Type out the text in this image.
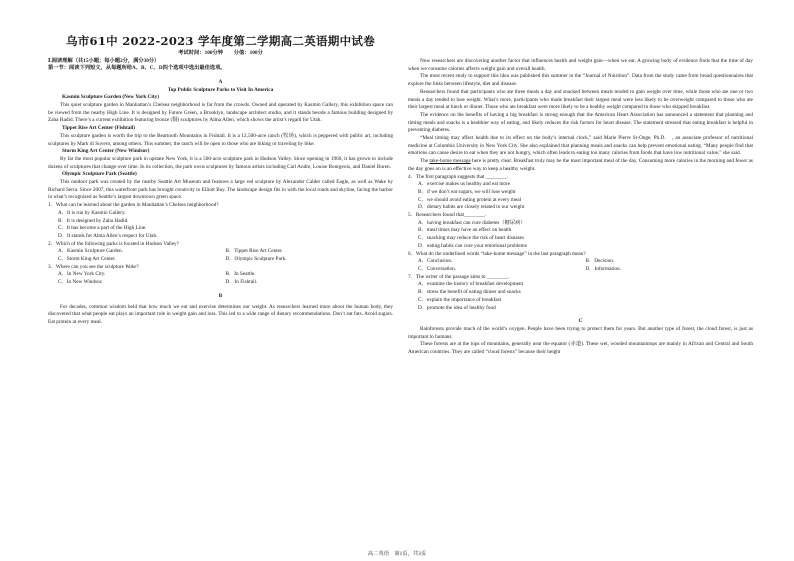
乌市61中 2022-2023 学年度第二学期高二英语期中试卷
考试时间：100分钟　　分值：100分

Ⅰ.阅读理解（共15小题；每小题2分，满分30分）

第一节：阅读下列短文，从每题所给A、B、C、D四个选项中选出最佳选项。

A

Top Public Sculpture Parks to Visit In America

Kasmin Sculpture Garden (New York City)

This quiet sculpture garden in Manhattan’s Chelsea neighborhood is far from the crowds. Owned and operated by Kasmin Gallery, this exhibition space can be viewed from the nearby High Line. It is designed by Future Green, a Brooklyn, landscape architect studio, and it stands beside a famous building designed by Zaha Hadid. There’s a current exhibition featuring bronze (铜) sculptures by Alma Allen, which shows the artist’s regard for Utah.

Tippet Rise Art Center (Fishtail)

This sculpture garden is worth the trip to the Beartooth Mountains in Fishtail. It is a 12,500-acre ranch (牧场), which is peppered with public art, including sculptures by Mark di Suvero, among others. This summer, the ranch will be open to those who are hiking or traveling by bike.

Storm King Art Center (New Windsor)

By far the most popular sculpture park in upstate New York, it is a 500-acre sculpture park in Hudson Valley. Since opening in 1960, it has grown to include dozens of sculptures that change over time. In its collection, the park owns sculptures by famous artists including Carl Andre, Louise Bourgeois, and Daniel Buren.

Olympic Sculpture Park (Seattle)

This outdoor park was created by the nearby Seattle Art Museum and features a large red sculpture by Alexander Calder called Eagle, as well as Wake by Richard Serra. Since 2007, this waterfront park has brought creativity to Elliott Bay. The landscape design fits in with the local roads and skyline, facing the harbor in what’s recognized as Seattle’s largest downtown green space.

1．What can be learned about the garden in Manhattan’s Chelsea neighborhood?

A．It is run by Kasmin Gallery.

B．It is designed by Zaha Hadid.

C．It has become a part of the High Line.

D．It stands for Alma Allen’s respect for Utah.

2．Which of the following parks is located in Hudson Valley?

A．Kasmin Sculpture Garden.	B．Tippet Rise Art Center.
C．Storm King Art Center.	D．Olympic Sculpture Park.

3．Where can you see the sculpture Wake?

A．In New York City.	B．In Seattle.
C．In New Windsor.	D．In Fishtail.

B

For decades, common wisdom held that how much we eat and exercise determines our weight. As researchers learned more about the human body, they discovered that what people eat plays an important role in weight gain and loss. This led to a wide range of dietary recommendations. Don’t eat fats. Avoid sugars. Eat protein at every meal.

Now researchers are discovering another factor that influences health and weight gain—when we eat. A growing body of evidence finds that the time of day when we consume calories affects weight gain and overall health.

The most recent study to support this idea was published this summer in the “Journal of Nutrition”. Data from the study came from broad questionnaires that explore the links between lifestyle, diet and disease.

Researchers found that participants who ate three meals a day and snacked between meals tended to gain weight over time, while those who ate one or two meals a day tended to lose weight. What’s more, participants who made breakfast their largest meal were less likely to be overweight compared to those who ate their largest meal at lunch or dinner. Those who ate breakfast were more likely to be a healthy weight compared to those who skipped breakfast.

The evidence on the benefits of having a big breakfast is strong enough that the American Heart Association has announced a statement that planning and timing meals and snacks is a healthier way of eating, and likely reduces the risk factors for heart disease. The statement stressed that eating breakfast is helpful in preventing diabetes.

“Meal timing may affect health due to its effect on the body’s internal clock,” said Marie Pierre St-Onge, Ph.D.　, an associate professor of nutritional medicine at Columbia University in New York City. She also explained that planning meals and snacks can help prevent emotional eating. “Many people find that emotions can cause desire to eat when they are not hungry, which often leads to eating too many calories from foods that have low nutritional value,” she said.

The take-home message here is pretty clear. Breakfast truly may be the most important meal of the day. Consuming more calories in the morning and fewer as the day goes on is an effective way to keep a healthy weight.

4．The first paragraph suggests that ________.

A．exercise makes us healthy and eat more

B．if we don’t eat sugars, we will lose weight

C．we should avoid eating protein at every meal

D．dietary habits are closely related to our weight

5．Researchers found that________.

A．having breakfast can cure diabetes（糖尿病）

B．meal times may have an effect on health

C．snacking may reduce the risk of heart diseases

D．eating habits can cure your emotional problems

6．What do the underlined words “take-home message” in the last paragraph mean?

A．Conclusion.	B．Decision.
C．Conversation.	D．Information.

7．The writer of the passage aims to ________.

A．examine the history of breakfast development

B．stress the benefit of eating dinner and snacks

C．explain the importance of breakfast

D．promote the idea of healthy food

C

Rainforests provide much of the world’s oxygen. People have been trying to protect them for years. But another type of forest, the cloud forest, is just as important to humans.

These forests are at the tops of mountains, generally near the equator (赤道). These wet, wooded mountaintops are mainly in African and Central and South American countries. They are called “cloud forests” because their height

高二英语　第1页，共3页
